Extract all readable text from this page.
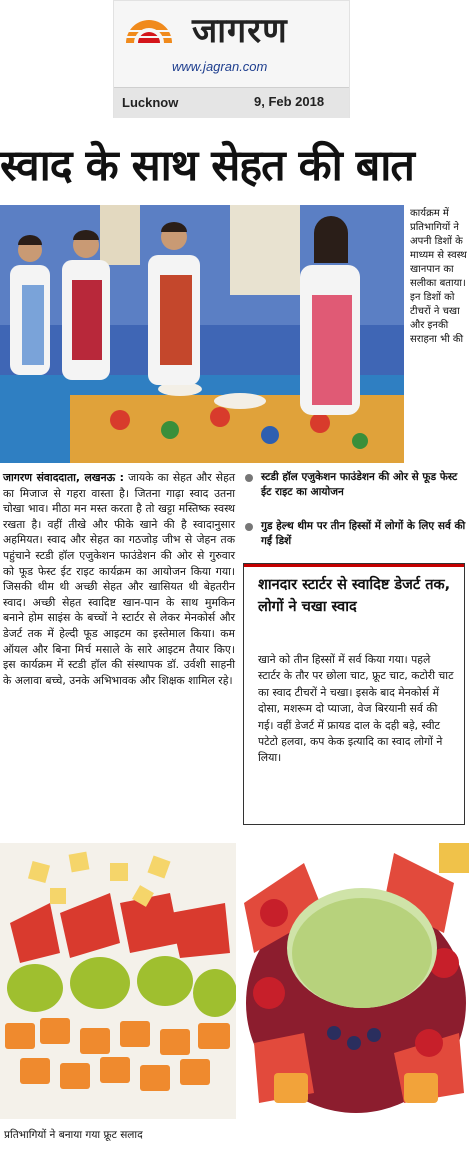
जागरण
www.jagran.com
Lucknow	9, Feb 2018
स्वाद के साथ सेहत की बात
कार्यक्रम में प्रतिभागियों ने अपनी डिशों के माध्यम से स्वस्थ खानपान का सलीका बताया। इन डिशों को टीचरों ने चखा और इनकी सराहना भी की
जागरण संवाददाता, लखनऊ : जायके का सेहत और सेहत का मिजाज से गहरा वास्ता है। जितना गाढ़ा स्वाद उतना चोखा भाव। मीठा मन मस्त करता है तो खट्टा मस्तिष्क स्वस्थ रखता है। वहीं तीखे और फीके खाने की है स्वादानुसार अहमियत। स्वाद और सेहत का गठजोड़ जीभ से जेहन तक पहुंचाने स्टडी हॉल एजुकेशन फाउंडेशन की ओर से गुरुवार को फूड फेस्ट ईट राइट कार्यक्रम का आयोजन किया गया। जिसकी थीम थी अच्छी सेहत और खासियत थी बेहतरीन स्वाद। अच्छी सेहत स्वादिष्ट खान-पान के साथ मुमकिन बनाने होम साइंस के बच्चों ने स्टार्टर से लेकर मेनकोर्स और डेजर्ट तक में हेल्दी फूड आइटम का इस्तेमाल किया। कम ऑयल और बिना मिर्च मसाले के सारे आइटम तैयार किए। इस कार्यक्रम में स्टडी हॉल की संस्थापक डॉ. उर्वशी साहनी के अलावा बच्चे, उनके अभिभावक और शिक्षक शामिल रहे।
स्टडी हॉल एजुकेशन फाउंडेशन की ओर से फूड फेस्ट ईट राइट का आयोजन
गुड हेल्थ थीम पर तीन हिस्सों में लोगों के लिए सर्व की गईं डिशें
शानदार स्टार्टर से स्वादिष्ट डेजर्ट तक, लोगों ने चखा स्वाद
खाने को तीन हिस्सों में सर्व किया गया। पहले स्टार्टर के तौर पर छोला चाट, फ्रूट चाट, कटोरी चाट का स्वाद टीचरों ने चखा। इसके बाद मेनकोर्स में दोसा, मशरूम दो प्याजा, वेज बिरयानी सर्व की गई। वहीं डेजर्ट में फ्रायड दाल के दही बड़े, स्वीट पटेटो हलवा, कप केक इत्यादि का स्वाद लोगों ने लिया।
प्रतिभागियों ने बनाया गया फ्रूट सलाद
